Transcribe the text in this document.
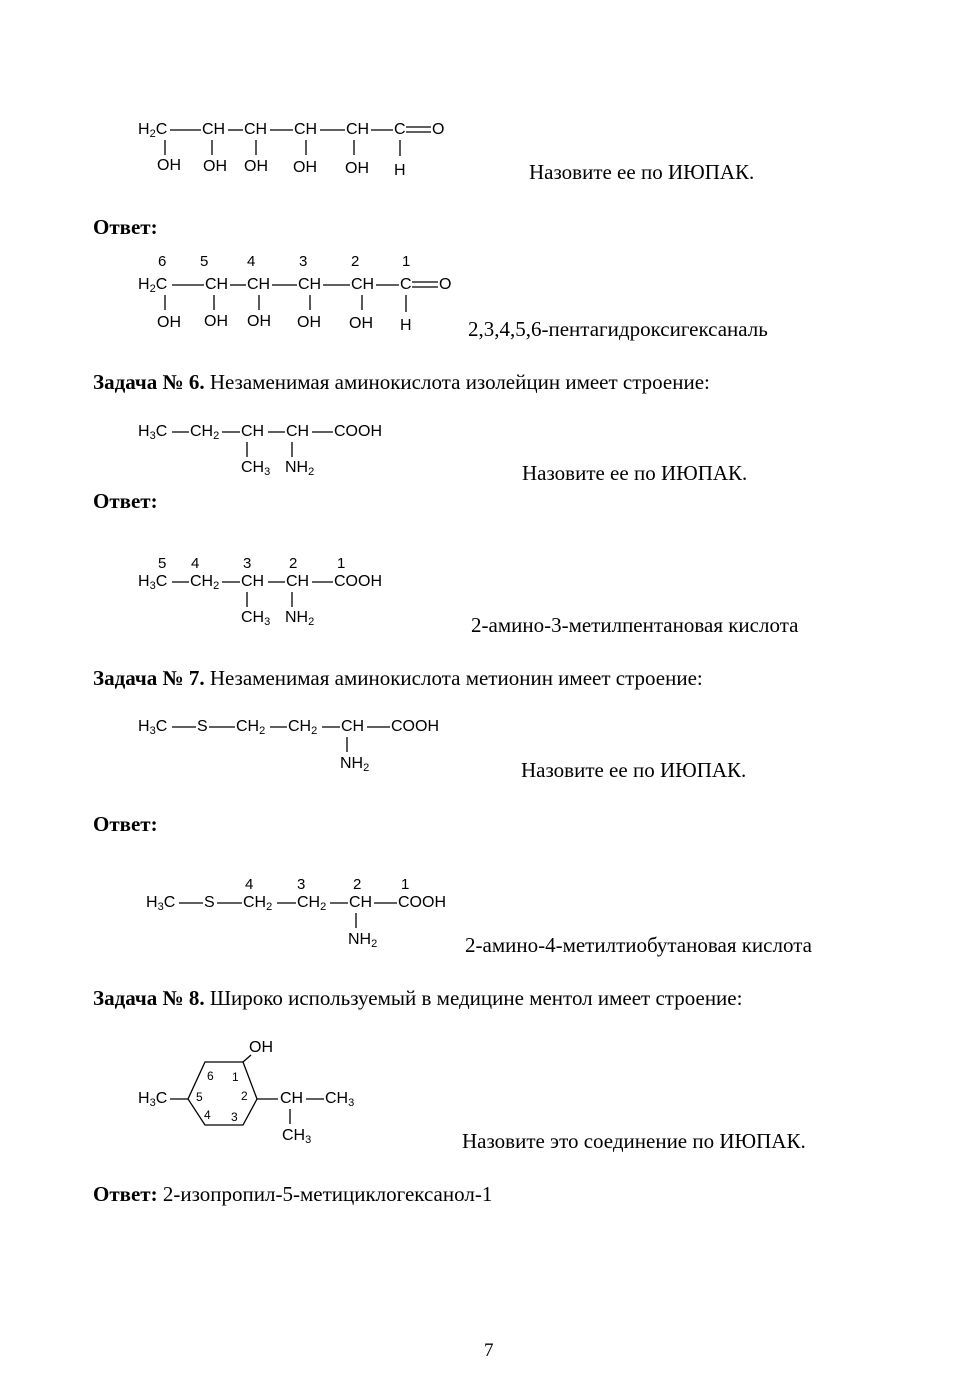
$H_2C$ CH CH CH CH C O
OH OH OH OH OH H	Назовите ее по ИЮПАК.
Ответ:
6 5	4	3	2	1
$H_2C$ CH CH CH CH C O
OH OH OH OH OH H	2,3,4,5,6-пентагидроксигексаналь
Задача № 6. Незаменимая аминокислота изолейцин имеет строение:
$H_3C$ $CH_2$ CH CH COOH
$CH_3$ $NH_2$	Назовите ее по ИЮПАК.
Ответ:
5 4	3	2	1
$H_3C$ $CH_2$ CH CH COOH
$CH_3$ $NH_2$	2-амино-3-метилпентановая кислота
Задача № 7. Незаменимая аминокислота метионин имеет строение:
$H_3C$ S $CH_2$ $CH_2$ CH COOH
$NH_2$	Назовите ее по ИЮПАК.
Ответ:
4	3	2	1
$H_3C$ S $CH_2$ $CH_2$ CH COOH
$NH_2$	2-амино-4-метилтиобутановая кислота
Задача № 8. Широко используемый в медицине ментол имеет строение:
OH
$H_3C$	CH $CH_3$
$CH_3$
6 1
5	2
4 3
Назовите это соединение по ИЮПАК.
Ответ: 2-изопропил-5-метициклогексанол-1
7
